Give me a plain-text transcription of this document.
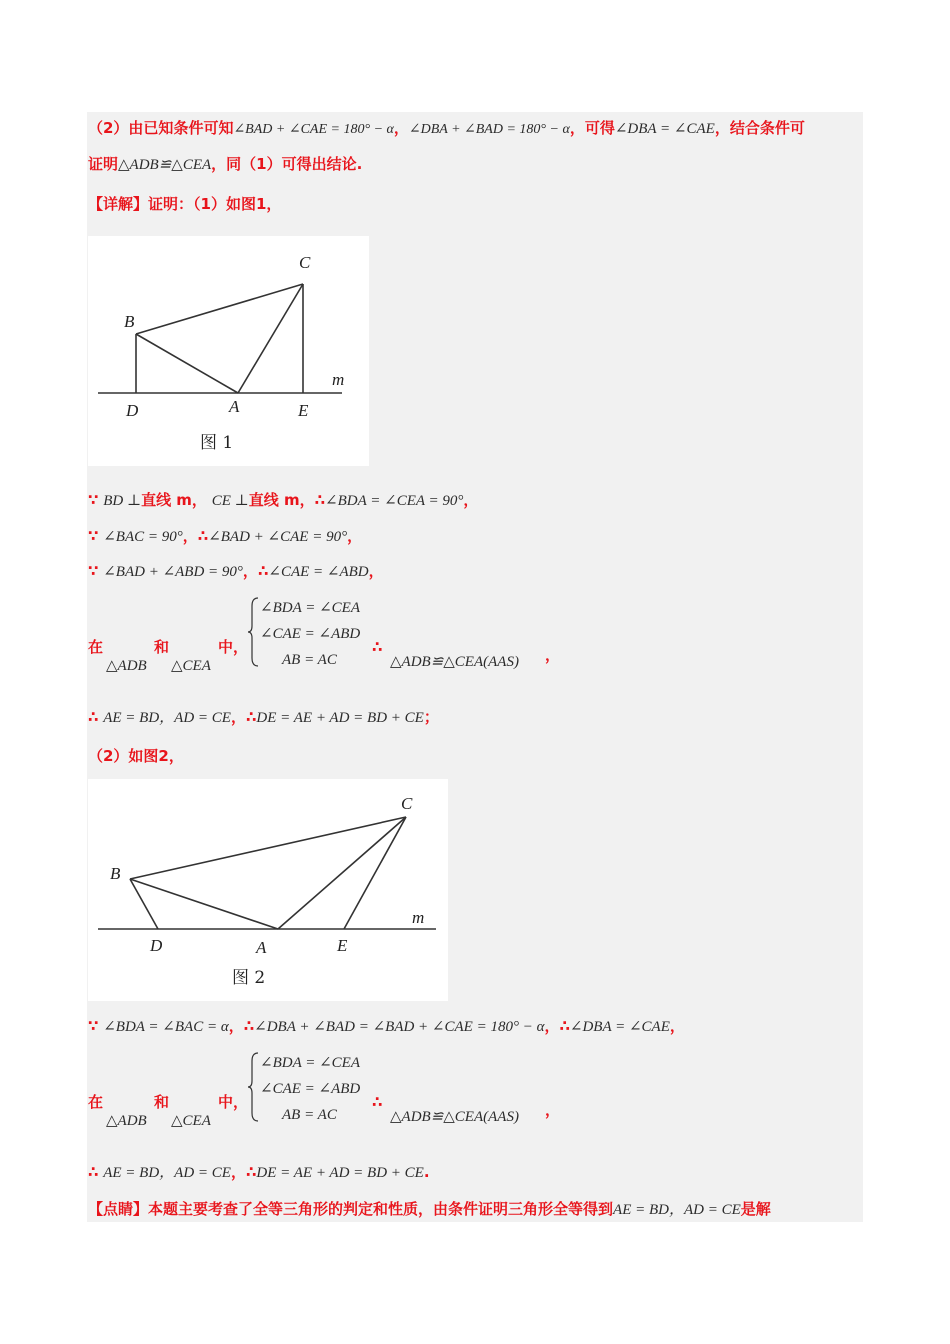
（2）由已知条件可知∠BAD + ∠CAE = 180° − α，∠DBA + ∠BAD = 180° − α，可得∠DBA = ∠CAE，结合条件可
证明△ADB≌△CEA，同（1）可得出结论.
【详解】证明：（1）如图1，
C
B
D	A	E
m
图 1
∵ BD ⊥直线 m， CE ⊥直线 m，∴∠BDA = ∠CEA = 90°，
∵ ∠BAC = 90°，∴∠BAD + ∠CAE = 90°，
∵ ∠BAD + ∠ABD = 90°，∴∠CAE = ∠ABD，
在	和	中，
△ADB △CEA
∠BDA = ∠CEA
∠CAE = ∠ABD
AB = AC
∴
△ADB≌△CEA(AAS) ，
∴ AE = BD，AD = CE，∴DE = AE + AD = BD + CE；
（2）如图2，
C
B
D	A	E
m
图 2
∵ ∠BDA = ∠BAC = α，∴∠DBA + ∠BAD = ∠BAD + ∠CAE = 180° − α，∴∠DBA = ∠CAE，
在	和	中，
△ADB △CEA
∠BDA = ∠CEA
∠CAE = ∠ABD
AB = AC
∴
△ADB≌△CEA(AAS) ，
∴ AE = BD，AD = CE，∴DE = AE + AD = BD + CE.
【点睛】本题主要考查了全等三角形的判定和性质，由条件证明三角形全等得到AE = BD，AD = CE是解
